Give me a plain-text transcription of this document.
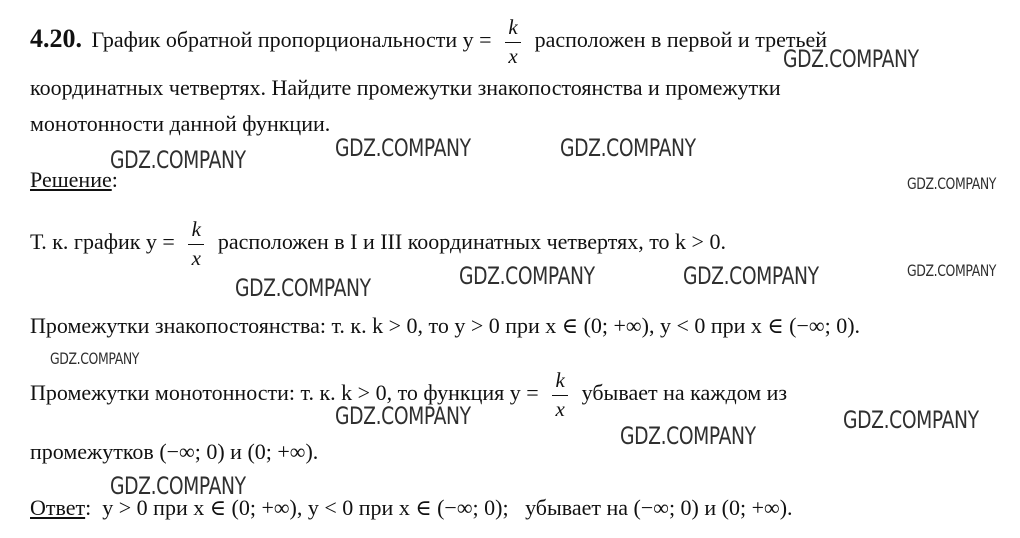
4.20. График обратной пропорциональности $y = \frac{k}{x}$ расположен в первой и третьей
координатных четвертях. Найдите промежутки знакопостоянства и промежутки
монотонности данной функции.
Решение:
Т. к. график $y = \frac{k}{x}$ расположен в I и III координатных четвертях, то k > 0.
Промежутки знакопостоянства: т. к. k > 0, то y > 0 при x ∈ (0; +∞), y < 0 при x ∈ (−∞; 0).
Промежутки монотонности: т. к. k > 0, то функция $y = \frac{k}{x}$ убывает на каждом из
промежутков (−∞; 0) и (0; +∞).
Ответ:  y > 0 при x ∈ (0; +∞), y < 0 при x ∈ (−∞; 0);   убывает на (−∞; 0) и (0; +∞).
GDZ.COMPANY
GDZ.COMPANY	GDZ.COMPANY	GDZ.COMPANY
GDZ.COMPANY
GDZ.COMPANY	GDZ.COMPANY	GDZ.COMPANY	GDZ.COMPANY
GDZ.COMPANY
GDZ.COMPANY	GDZ.COMPANY
GDZ.COMPANY
GDZ.COMPANY
